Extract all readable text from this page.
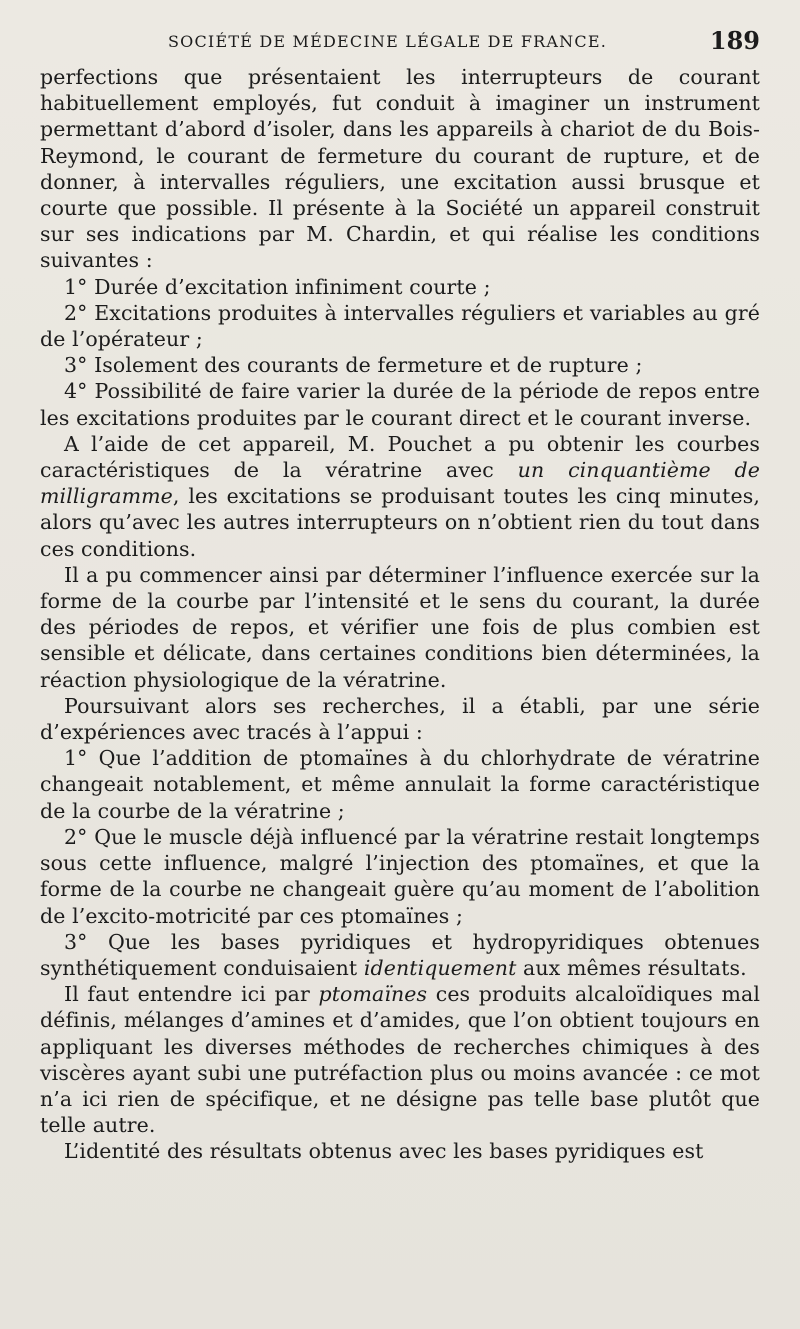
SOCIÉTÉ DE MÉDECINE LÉGALE DE FRANCE.	189

perfections que présentaient les interrupteurs de courant habituellement employés, fut conduit à imaginer un instrument permettant d’abord d’isoler, dans les appareils à chariot de du Bois-Reymond, le courant de fermeture du courant de rupture, et de donner, à intervalles réguliers, une excitation aussi brusque et courte que possible. Il présente à la Société un appareil construit sur ses indications par M. Chardin, et qui réalise les conditions suivantes :

1° Durée d’excitation infiniment courte ;

2° Excitations produites à intervalles réguliers et variables au gré de l’opérateur ;

3° Isolement des courants de fermeture et de rupture ;

4° Possibilité de faire varier la durée de la période de repos entre les excitations produites par le courant direct et le courant inverse.

A l’aide de cet appareil, M. Pouchet a pu obtenir les courbes caractéristiques de la vératrine avec un cinquantième de milligramme, les excitations se produisant toutes les cinq minutes, alors qu’avec les autres interrupteurs on n’obtient rien du tout dans ces conditions.

Il a pu commencer ainsi par déterminer l’influence exercée sur la forme de la courbe par l’intensité et le sens du courant, la durée des périodes de repos, et vérifier une fois de plus combien est sensible et délicate, dans certaines conditions bien déterminées, la réaction physiologique de la vératrine.

Poursuivant alors ses recherches, il a établi, par une série d’expériences avec tracés à l’appui :

1° Que l’addition de ptomaïnes à du chlorhydrate de vératrine changeait notablement, et même annulait la forme caractéristique de la courbe de la vératrine ;

2° Que le muscle déjà influencé par la vératrine restait longtemps sous cette influence, malgré l’injection des ptomaïnes, et que la forme de la courbe ne changeait guère qu’au moment de l’abolition de l’excito-motricité par ces ptomaïnes ;

3° Que les bases pyridiques et hydropyridiques obtenues synthétiquement conduisaient identiquement aux mêmes résultats.

Il faut entendre ici par ptomaïnes ces produits alcaloïdiques mal définis, mélanges d’amines et d’amides, que l’on obtient toujours en appliquant les diverses méthodes de recherches chimiques à des viscères ayant subi une putréfaction plus ou moins avancée : ce mot n’a ici rien de spécifique, et ne désigne pas telle base plutôt que telle autre.

L’identité des résultats obtenus avec les bases pyridiques est
